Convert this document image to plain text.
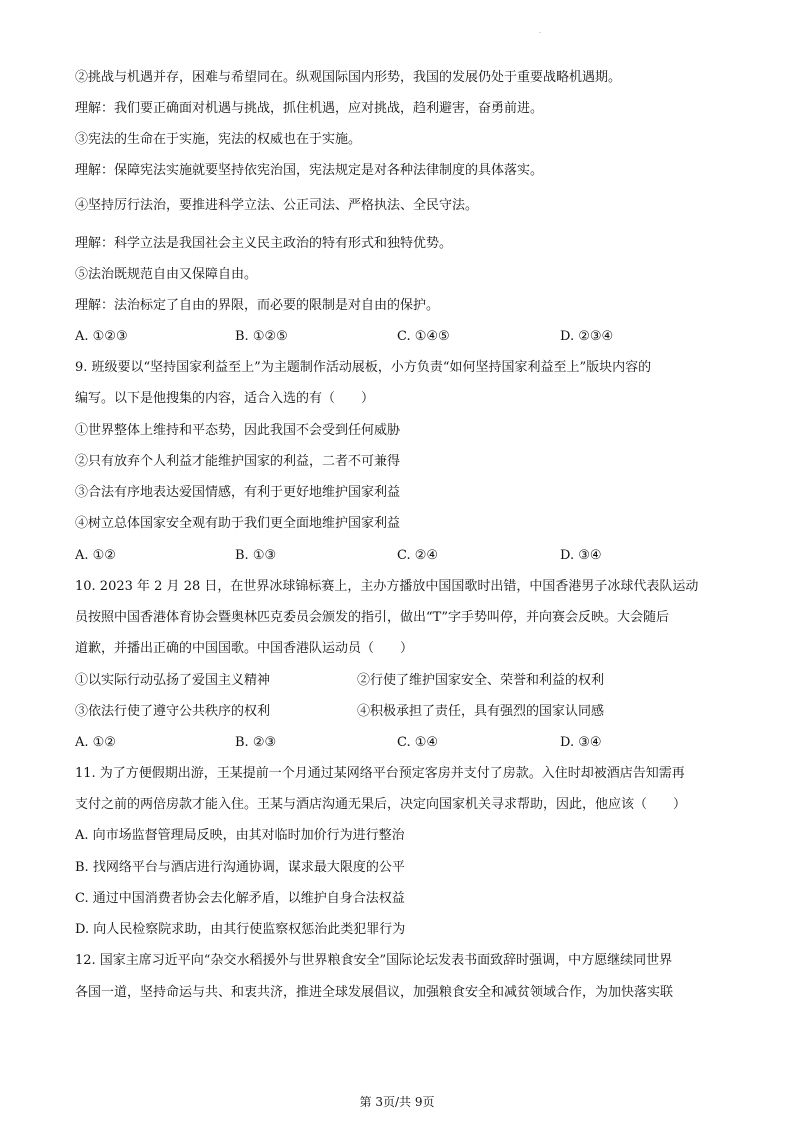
·
②挑战与机遇并存，困难与希望同在。纵观国际国内形势，我国的发展仍处于重要战略机遇期。
理解：我们要正确面对机遇与挑战，抓住机遇，应对挑战，趋利避害，奋勇前进。
③宪法的生命在于实施，宪法的权威也在于实施。
理解：保障宪法实施就要坚持依宪治国，宪法规定是对各种法律制度的具体落实。
④坚持厉行法治，要推进科学立法、公正司法、严格执法、全民守法。
理解：科学立法是我国社会主义民主政治的特有形式和独特优势。
⑤法治既规范自由又保障自由。
理解：法治标定了自由的界限，而必要的限制是对自由的保护。
A. ①②③	B. ①②⑤	C. ①④⑤	D. ②③④
9. 班级要以“坚持国家利益至上”为主题制作活动展板，小方负责“如何坚持国家利益至上”版块内容的
编写。以下是他搜集的内容，适合入选的有（　　）
①世界整体上维持和平态势，因此我国不会受到任何威胁
②只有放弃个人利益才能维护国家的利益，二者不可兼得
③合法有序地表达爱国情感，有利于更好地维护国家利益
④树立总体国家安全观有助于我们更全面地维护国家利益
A. ①②	B. ①③	C. ②④	D. ③④
10. 2023 年 2 月 28 日，在世界冰球锦标赛上，主办方播放中国国歌时出错，中国香港男子冰球代表队运动
员按照中国香港体育协会暨奥林匹克委员会颁发的指引，做出“T”字手势叫停，并向赛会反映。大会随后
道歉，并播出正确的中国国歌。中国香港队运动员（　　）
①以实际行动弘扬了爱国主义精神	②行使了维护国家安全、荣誉和利益的权利
③依法行使了遵守公共秩序的权利	④积极承担了责任，具有强烈的国家认同感
A. ①②	B. ②③	C. ①④	D. ③④
11. 为了方便假期出游，王某提前一个月通过某网络平台预定客房并支付了房款。入住时却被酒店告知需再
支付之前的两倍房款才能入住。王某与酒店沟通无果后，决定向国家机关寻求帮助，因此，他应该（　　）
A. 向市场监督管理局反映，由其对临时加价行为进行整治
B. 找网络平台与酒店进行沟通协调，谋求最大限度的公平
C. 通过中国消费者协会去化解矛盾，以维护自身合法权益
D. 向人民检察院求助，由其行使监察权惩治此类犯罪行为
12. 国家主席习近平向“杂交水稻援外与世界粮食安全”国际论坛发表书面致辞时强调，中方愿继续同世界
各国一道，坚持命运与共、和衷共济，推进全球发展倡议，加强粮食安全和减贫领域合作，为加快落实联
第 3页/共 9页
